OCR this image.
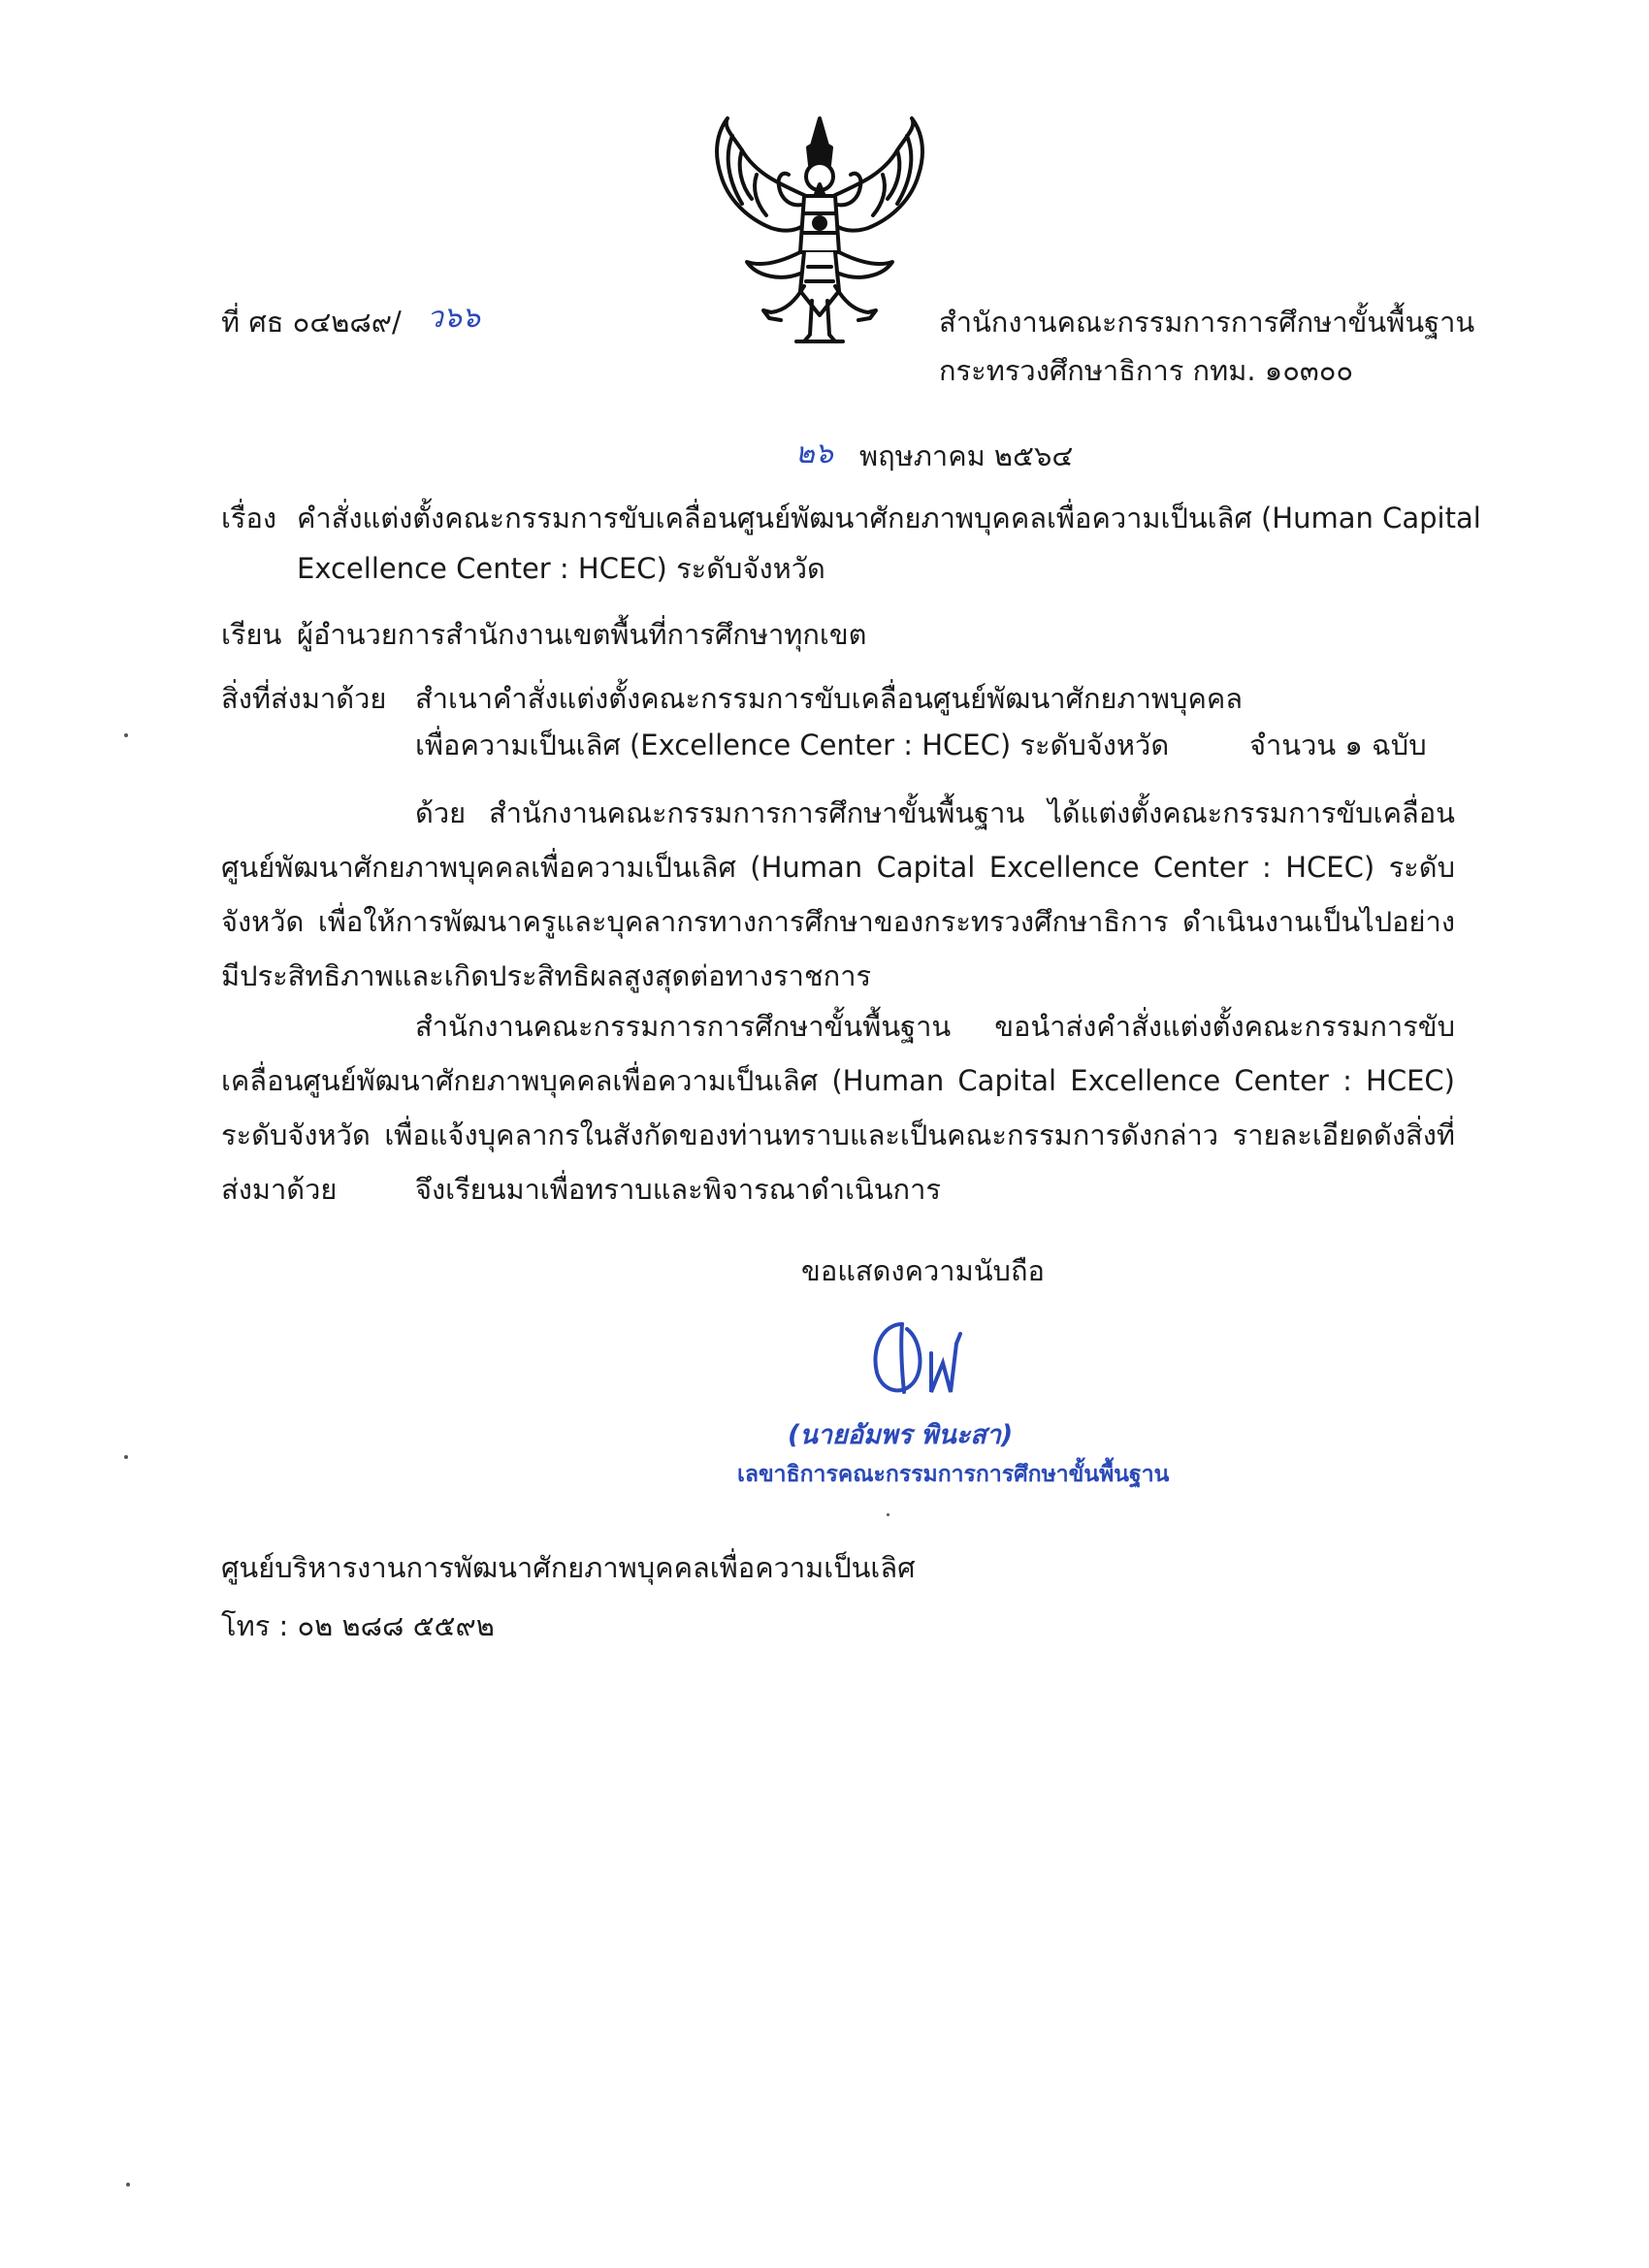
ที่ ศธ ๐๔๒๘๙/ ว๖๖	สำนักงานคณะกรรมการการศึกษาขั้นพื้นฐาน
กระทรวงศึกษาธิการ กทม. ๑๐๓๐๐
๒๖ พฤษภาคม ๒๕๖๔
เรื่อง คำสั่งแต่งตั้งคณะกรรมการขับเคลื่อนศูนย์พัฒนาศักยภาพบุคคลเพื่อความเป็นเลิศ (Human Capital
Excellence Center : HCEC) ระดับจังหวัด
เรียน ผู้อำนวยการสำนักงานเขตพื้นที่การศึกษาทุกเขต
สิ่งที่ส่งมาด้วย สำเนาคำสั่งแต่งตั้งคณะกรรมการขับเคลื่อนศูนย์พัฒนาศักยภาพบุคคล
เพื่อความเป็นเลิศ (Excellence Center : HCEC) ระดับจังหวัด	จำนวน ๑ ฉบับ
ด้วย สำนักงานคณะกรรมการการศึกษาขั้นพื้นฐาน ได้แต่งตั้งคณะกรรมการขับเคลื่อนศูนย์พัฒนาศักยภาพบุคคลเพื่อความเป็นเลิศ (Human Capital Excellence Center : HCEC) ระดับจังหวัด เพื่อให้การพัฒนาครูและบุคลากรทางการศึกษาของกระทรวงศึกษาธิการ ดำเนินงานเป็นไปอย่างมีประสิทธิภาพและเกิดประสิทธิผลสูงสุดต่อทางราชการ
สำนักงานคณะกรรมการการศึกษาขั้นพื้นฐาน ขอนำส่งคำสั่งแต่งตั้งคณะกรรมการขับเคลื่อนศูนย์พัฒนาศักยภาพบุคคลเพื่อความเป็นเลิศ (Human Capital Excellence Center : HCEC) ระดับจังหวัด เพื่อแจ้งบุคลากรในสังกัดของท่านทราบและเป็นคณะกรรมการดังกล่าว รายละเอียดดังสิ่งที่ส่งมาด้วย	จึงเรียนมาเพื่อทราบและพิจารณาดำเนินการ
ขอแสดงความนับถือ
(นายอัมพร พินะสา)
เลขาธิการคณะกรรมการการศึกษาขั้นพื้นฐาน
ศูนย์บริหารงานการพัฒนาศักยภาพบุคคลเพื่อความเป็นเลิศ
โทร : ๐๒ ๒๘๘ ๕๕๙๒
